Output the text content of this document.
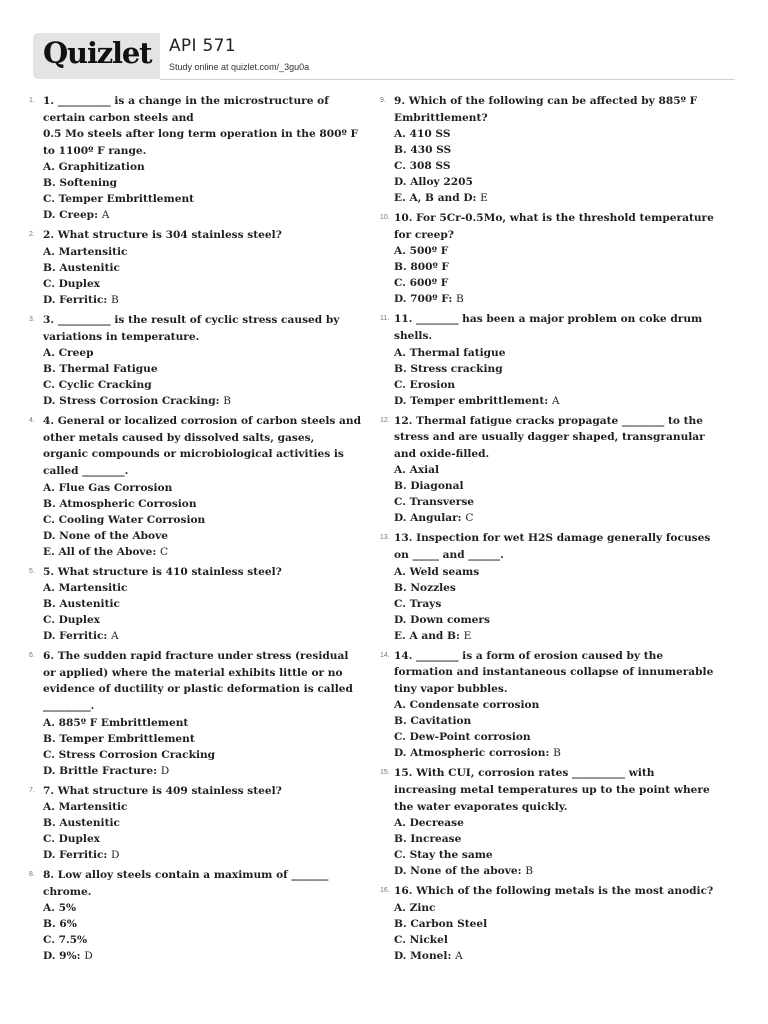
Quizlet API 571
Study online at quizlet.com/_3gu0a
1. 1. __________ is a change in the microstructure of certain carbon steels and
0.5 Mo steels after long term operation in the 800º F to 1100º F range.
A. Graphitization
B. Softening
C. Temper Embrittlement
D. Creep: A
2. 2. What structure is 304 stainless steel?
A. Martensitic
B. Austenitic
C. Duplex
D. Ferritic: B
3. 3. __________ is the result of cyclic stress caused by variations in temperature.
A. Creep
B. Thermal Fatigue
C. Cyclic Cracking
D. Stress Corrosion Cracking: B
4. 4. General or localized corrosion of carbon steels and other metals caused by dissolved salts, gases, organic compounds or microbiological activities is called ________.
A. Flue Gas Corrosion
B. Atmospheric Corrosion
C. Cooling Water Corrosion
D. None of the Above
E. All of the Above: C
5. 5. What structure is 410 stainless steel?
A. Martensitic
B. Austenitic
C. Duplex
D. Ferritic: A
6. 6. The sudden rapid fracture under stress (residual or applied) where the material exhibits little or no evidence of ductility or plastic deformation is called _________.
A. 885º F Embrittlement
B. Temper Embrittlement
C. Stress Corrosion Cracking
D. Brittle Fracture: D
7. 7. What structure is 409 stainless steel?
A. Martensitic
B. Austenitic
C. Duplex
D. Ferritic: D
8. 8. Low alloy steels contain a maximum of _______ chrome.
A. 5%
B. 6%
C. 7.5%
D. 9%: D
9. 9. Which of the following can be affected by 885º F Embrittlement?
A. 410 SS
B. 430 SS
C. 308 SS
D. Alloy 2205
E. A, B and D: E
10. 10. For 5Cr-0.5Mo, what is the threshold temperature for creep?
A. 500º F
B. 800º F
C. 600º F
D. 700º F: B
11. 11. ________ has been a major problem on coke drum shells.
A. Thermal fatigue
B. Stress cracking
C. Erosion
D. Temper embrittlement: A
12. 12. Thermal fatigue cracks propagate ________ to the stress and are usually dagger shaped, transgranular and oxide-filled.
A. Axial
B. Diagonal
C. Transverse
D. Angular: C
13. 13. Inspection for wet H2S damage generally focuses on _____ and ______.
A. Weld seams
B. Nozzles
C. Trays
D. Down comers
E. A and B: E
14. 14. ________ is a form of erosion caused by the formation and instantaneous collapse of innumerable tiny vapor bubbles.
A. Condensate corrosion
B. Cavitation
C. Dew-Point corrosion
D. Atmospheric corrosion: B
15. 15. With CUI, corrosion rates __________ with increasing metal temperatures up to the point where the water evaporates quickly.
A. Decrease
B. Increase
C. Stay the same
D. None of the above: B
16. 16. Which of the following metals is the most anodic?
A. Zinc
B. Carbon Steel
C. Nickel
D. Monel: A
